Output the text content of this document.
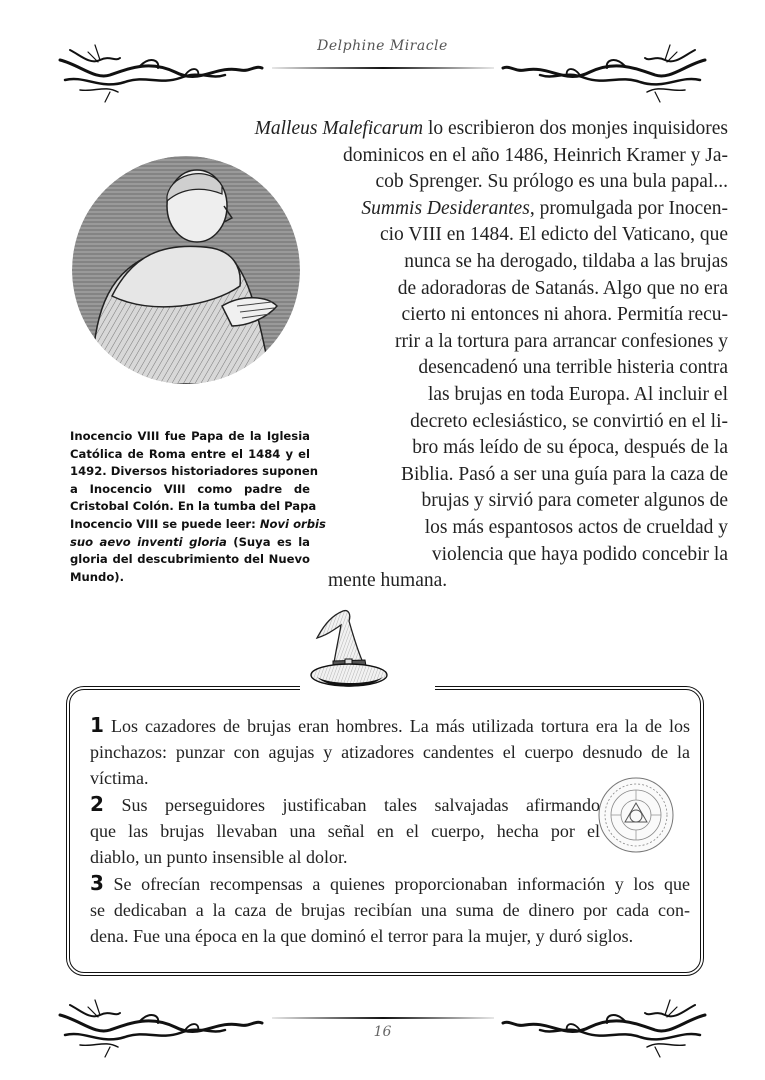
Delphine Miracle
Malleus Maleficarum lo escribieron dos monjes inquisidores
dominicos en el año 1486, Heinrich Kramer y Ja-
cob Sprenger. Su prólogo es una bula papal...
Summis Desiderantes, promulgada por Inocen-
cio VIII en 1484. El edicto del Vaticano, que
nunca se ha derogado, tildaba a las brujas
de adoradoras de Satanás. Algo que no era
cierto ni entonces ni ahora. Permitía recu-
rrir a la tortura para arrancar confesiones y
desencadenó una terrible histeria contra
las brujas en toda Europa. Al incluir el
decreto eclesiástico, se convirtió en el li-
bro más leído de su época, después de la
Biblia. Pasó a ser una guía para la caza de
brujas y sirvió para cometer algunos de
los más espantosos actos de crueldad y
violencia que haya podido concebir la
mente humana.
Inocencio VIII fue Papa de la Iglesia
Católica de Roma entre el 1484 y el
1492. Diversos historiadores suponen
a Inocencio VIII como padre de
Cristobal Colón. En la tumba del Papa
Inocencio VIII se puede leer: Novi orbis
suo aevo inventi gloria (Suya es la
gloria del descubrimiento del Nuevo
Mundo).
1 Los cazadores de brujas eran hombres. La más utilizada tortura era la de los
pinchazos: punzar con agujas y atizadores candentes el cuerpo desnudo de la
víctima.
2 Sus perseguidores justificaban tales salvajadas afirmando
que las brujas llevaban una señal en el cuerpo, hecha por el
diablo, un punto insensible al dolor.
3 Se ofrecían recompensas a quienes proporcionaban información y los que
se dedicaban a la caza de brujas recibían una suma de dinero por cada con-
dena. Fue una época en la que dominó el terror para la mujer, y duró siglos.
16
